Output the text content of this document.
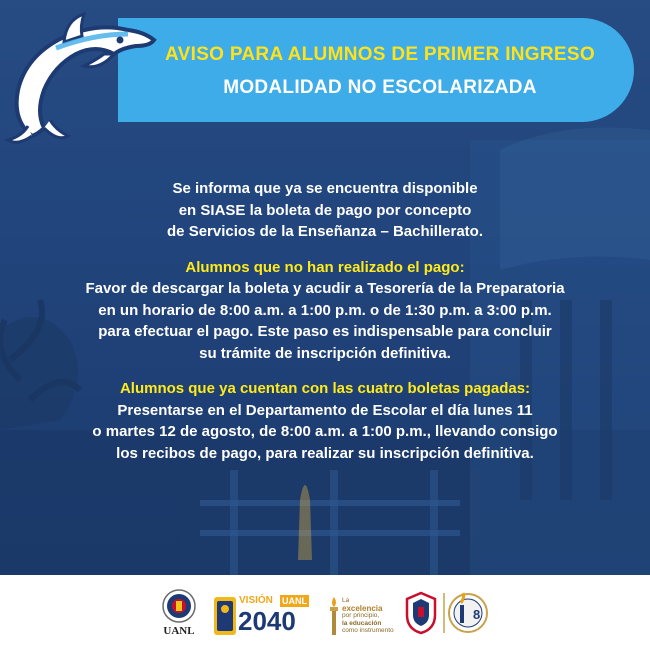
AVISO PARA ALUMNOS DE PRIMER INGRESO
MODALIDAD NO ESCOLARIZADA
Se informa que ya se encuentra disponible
en SIASE la boleta de pago por concepto
de Servicios de la Enseñanza – Bachillerato.
Alumnos que no han realizado el pago:
Favor de descargar la boleta y acudir a Tesorería de la Preparatoria
en un horario de 8:00 a.m. a 1:00 p.m. o de 1:30 p.m. a 3:00 p.m.
para efectuar el pago. Este paso es indispensable para concluir
su trámite de inscripción definitiva.
Alumnos que ya cuentan con las cuatro boletas pagadas:
Presentarse en el Departamento de Escolar el día lunes 11
o martes 12 de agosto, de 8:00 a.m. a 1:00 p.m., llevando consigo
los recibos de pago, para realizar su inscripción definitiva.
UANL
VISIÓN UANL
2040
La
excelencia
por principio,
la educación
como instrumento
8
